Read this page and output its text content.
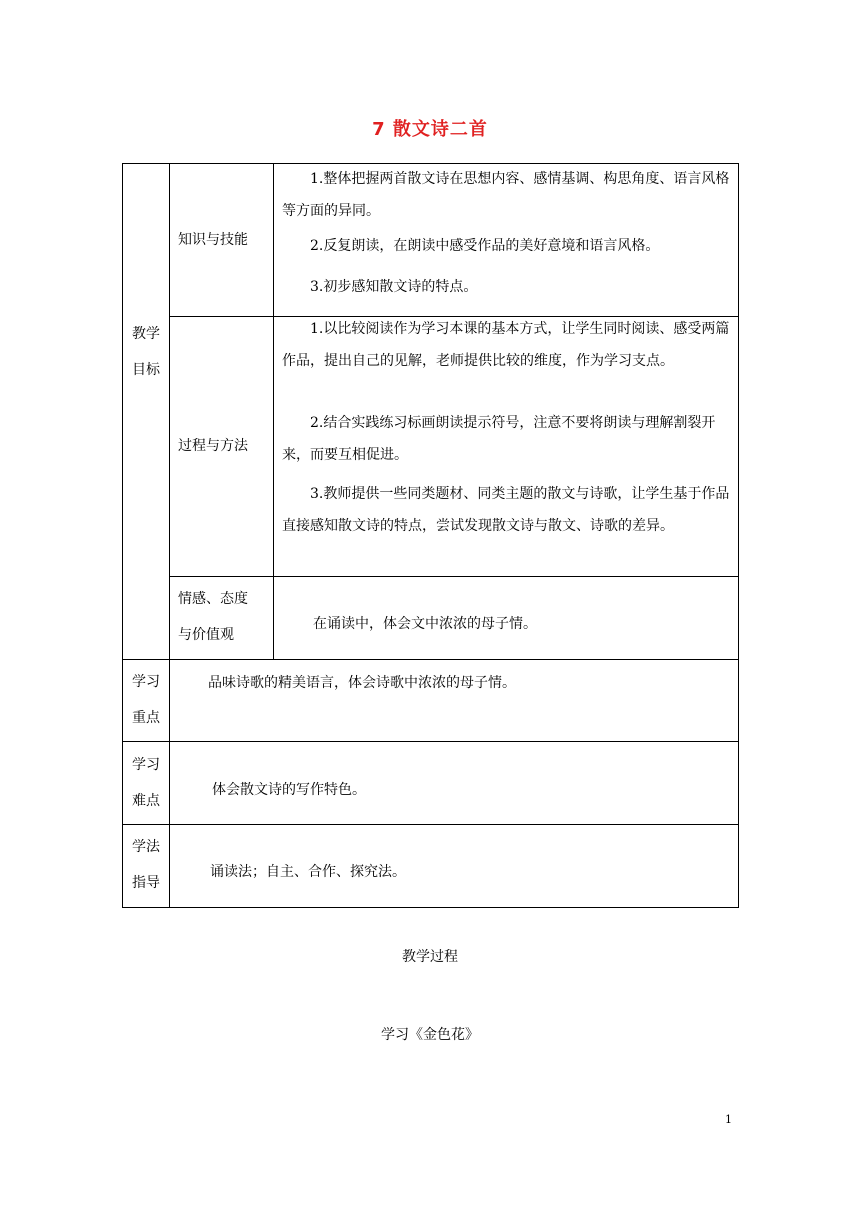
7 散文诗二首
教学
目标
知识与技能
1.整体把握两首散文诗在思想内容、感情基调、构思角度、语言风格等方面的异同。
2.反复朗读，在朗读中感受作品的美好意境和语言风格。
3.初步感知散文诗的特点。
过程与方法
1.以比较阅读作为学习本课的基本方式，让学生同时阅读、感受两篇作品，提出自己的见解，老师提供比较的维度，作为学习支点。
2.结合实践练习标画朗读提示符号，注意不要将朗读与理解割裂开来，而要互相促进。
3.教师提供一些同类题材、同类主题的散文与诗歌，让学生基于作品直接感知散文诗的特点，尝试发现散文诗与散文、诗歌的差异。
情感、态度
与价值观
在诵读中，体会文中浓浓的母子情。
学习
重点
品味诗歌的精美语言，体会诗歌中浓浓的母子情。
学习
难点
体会散文诗的写作特色。
学法
指导
诵读法；自主、合作、探究法。
教学过程
学习《金色花》
1
